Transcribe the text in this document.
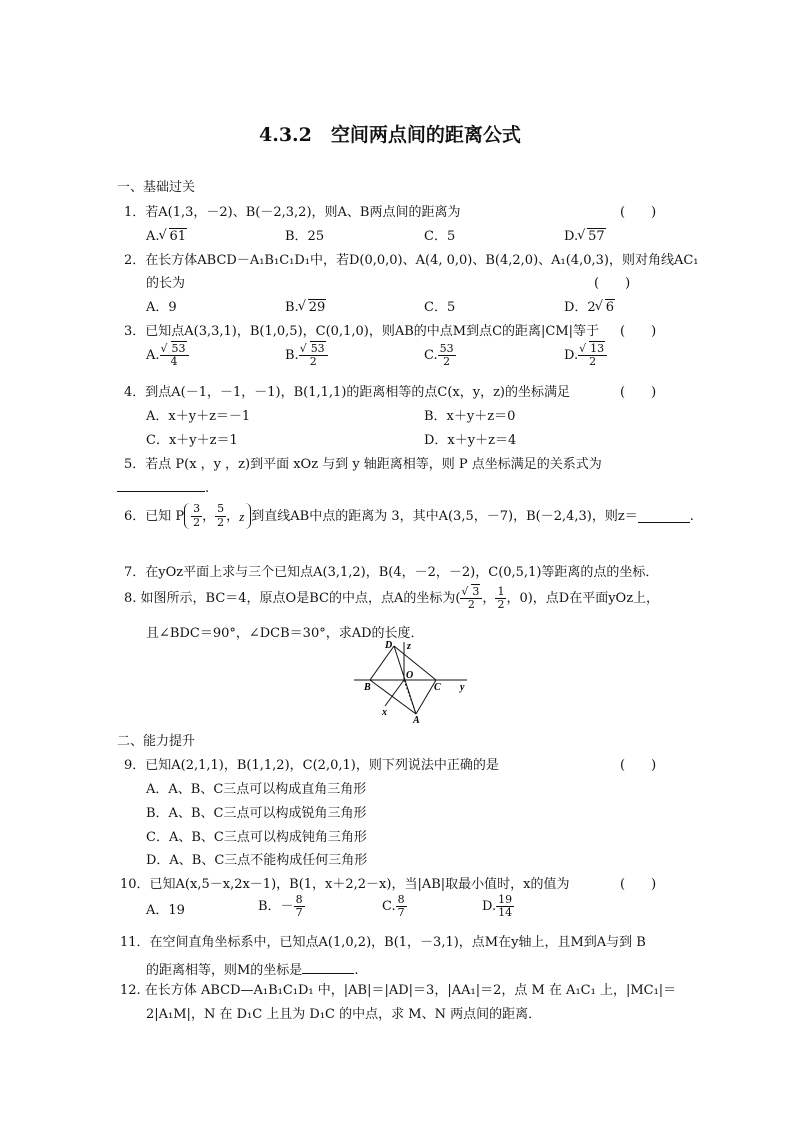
4.3.2　空间两点间的距离公式
一、基础过关
1．若A(1,3，－2)、B(－2,3,2)，则A、B两点间的距离为	(　　)
A. √ 61	B．25	C．5	D. √ 57
2．在长方体ABCD－A₁B₁C₁D₁中，若D(0,0,0)、A(4, 0,0)、B(4,2,0)、A₁(4,0,3)，则对角线AC₁
的长为	(　　)
A．9	B. √ 29	C．5	D．2 √ 6
3．已知点A(3,3,1)，B(1,0,5)，C(0,1,0)，则AB的中点M到点C的距离|CM|等于 (　　)
A. √ $\frac{53}{4}$	B. √ $\frac{53}{2}$	C. $\frac{53}{2}$	D. √ $\frac{13}{2}$
4．到点A(－1，－1，－1)，B(1,1,1)的距离相等的点C(x，y，z)的坐标满足	(　　)
A．x＋y＋z＝－1	B．x＋y＋z＝0
C．x＋y＋z＝1	D．x＋y＋z＝4
5．若点 P(x ，y ，z)到平面 xOz 与到 y 轴距离相等，则 P 点坐标满足的关系式为
.
6．已知 P $\frac{3}{2}$ ， $\frac{5}{2}$ ， z 到直线AB中点的距离为 3，其中A(3,5，－7)，B(－2,4,3)，则z＝	.
7．在yOz平面上求与三个已知点A(3,1,2)，B(4，－2，－2)，C(0,5,1)等距离的点的坐标．
8. 如图所示，BC＝4，原点O是BC的中点，点A的坐标为( √ $\frac{3}{2}$ ， $\frac{1}{2}$ ，0)，点D在平面yOz上，
且∠BDC＝90°，∠DCB＝30°，求AD的长度．
D z
O
B	C y
x
A
二、能力提升
9．已知A(2,1,1)，B(1,1,2)，C(2,0,1)，则下列说法中正确的是	(　　)
A．A、B、C三点可以构成直角三角形
B．A、B、C三点可以构成锐角三角形
C．A、B、C三点可以构成钝角三角形
D．A、B、C三点不能构成任何三角形
10．已知A(x,5－x,2x－1)，B(1，x＋2,2－x)，当|AB|取最小值时，x的值为	(　　)
A．19	B．－ $\frac{8}{7}$	C. $\frac{8}{7}$	D. $\frac{19}{14}$
11．在空间直角坐标系中，已知点A(1,0,2)，B(1，－3,1)，点M在y轴上，且M到A与到 B
的距离相等，则M的坐标是	.
12. 在长方体 ABCD—A₁B₁C₁D₁ 中，|AB|＝|AD|＝3，|AA₁|＝2，点 M 在 A₁C₁ 上，|MC₁|＝
2|A₁M|，N 在 D₁C 上且为 D₁C 的中点，求 M、N 两点间的距离．
